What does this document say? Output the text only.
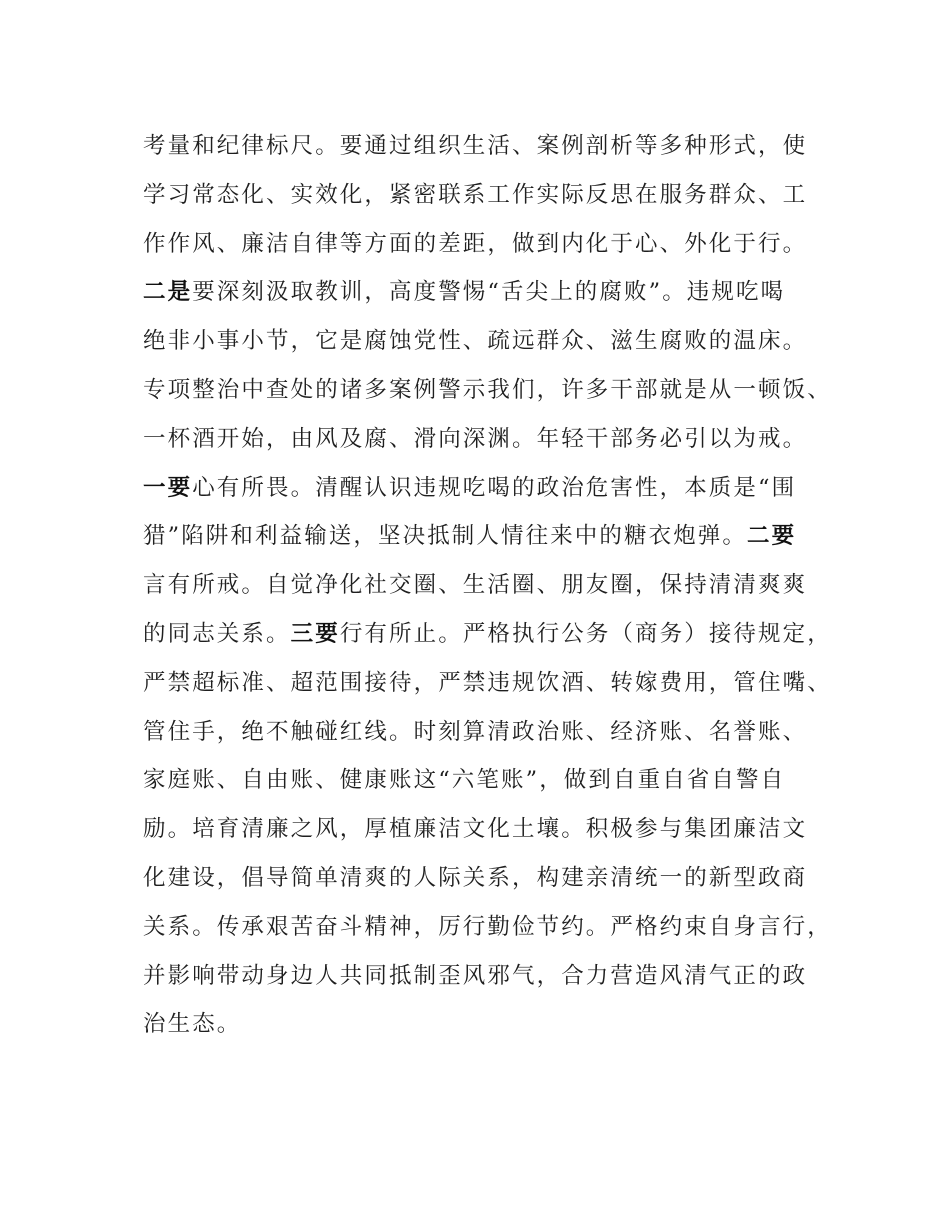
考量和纪律标尺。要通过组织生活、案例剖析等多种形式，使
学习常态化、实效化，紧密联系工作实际反思在服务群众、工
作作风、廉洁自律等方面的差距，做到内化于心、外化于行。
二是要深刻汲取教训，高度警惕“舌尖上的腐败”。违规吃喝
绝非小事小节，它是腐蚀党性、疏远群众、滋生腐败的温床。
专项整治中查处的诸多案例警示我们，许多干部就是从一顿饭、
一杯酒开始，由风及腐、滑向深渊。年轻干部务必引以为戒。
一要心有所畏。清醒认识违规吃喝的政治危害性，本质是“围
猎”陷阱和利益输送，坚决抵制人情往来中的糖衣炮弹。二要
言有所戒。自觉净化社交圈、生活圈、朋友圈，保持清清爽爽
的同志关系。三要行有所止。严格执行公务（商务）接待规定，
严禁超标准、超范围接待，严禁违规饮酒、转嫁费用，管住嘴、
管住手，绝不触碰红线。时刻算清政治账、经济账、名誉账、
家庭账、自由账、健康账这“六笔账”，做到自重自省自警自
励。培育清廉之风，厚植廉洁文化土壤。积极参与集团廉洁文
化建设，倡导简单清爽的人际关系，构建亲清统一的新型政商
关系。传承艰苦奋斗精神，厉行勤俭节约。严格约束自身言行，
并影响带动身边人共同抵制歪风邪气，合力营造风清气正的政
治生态。
